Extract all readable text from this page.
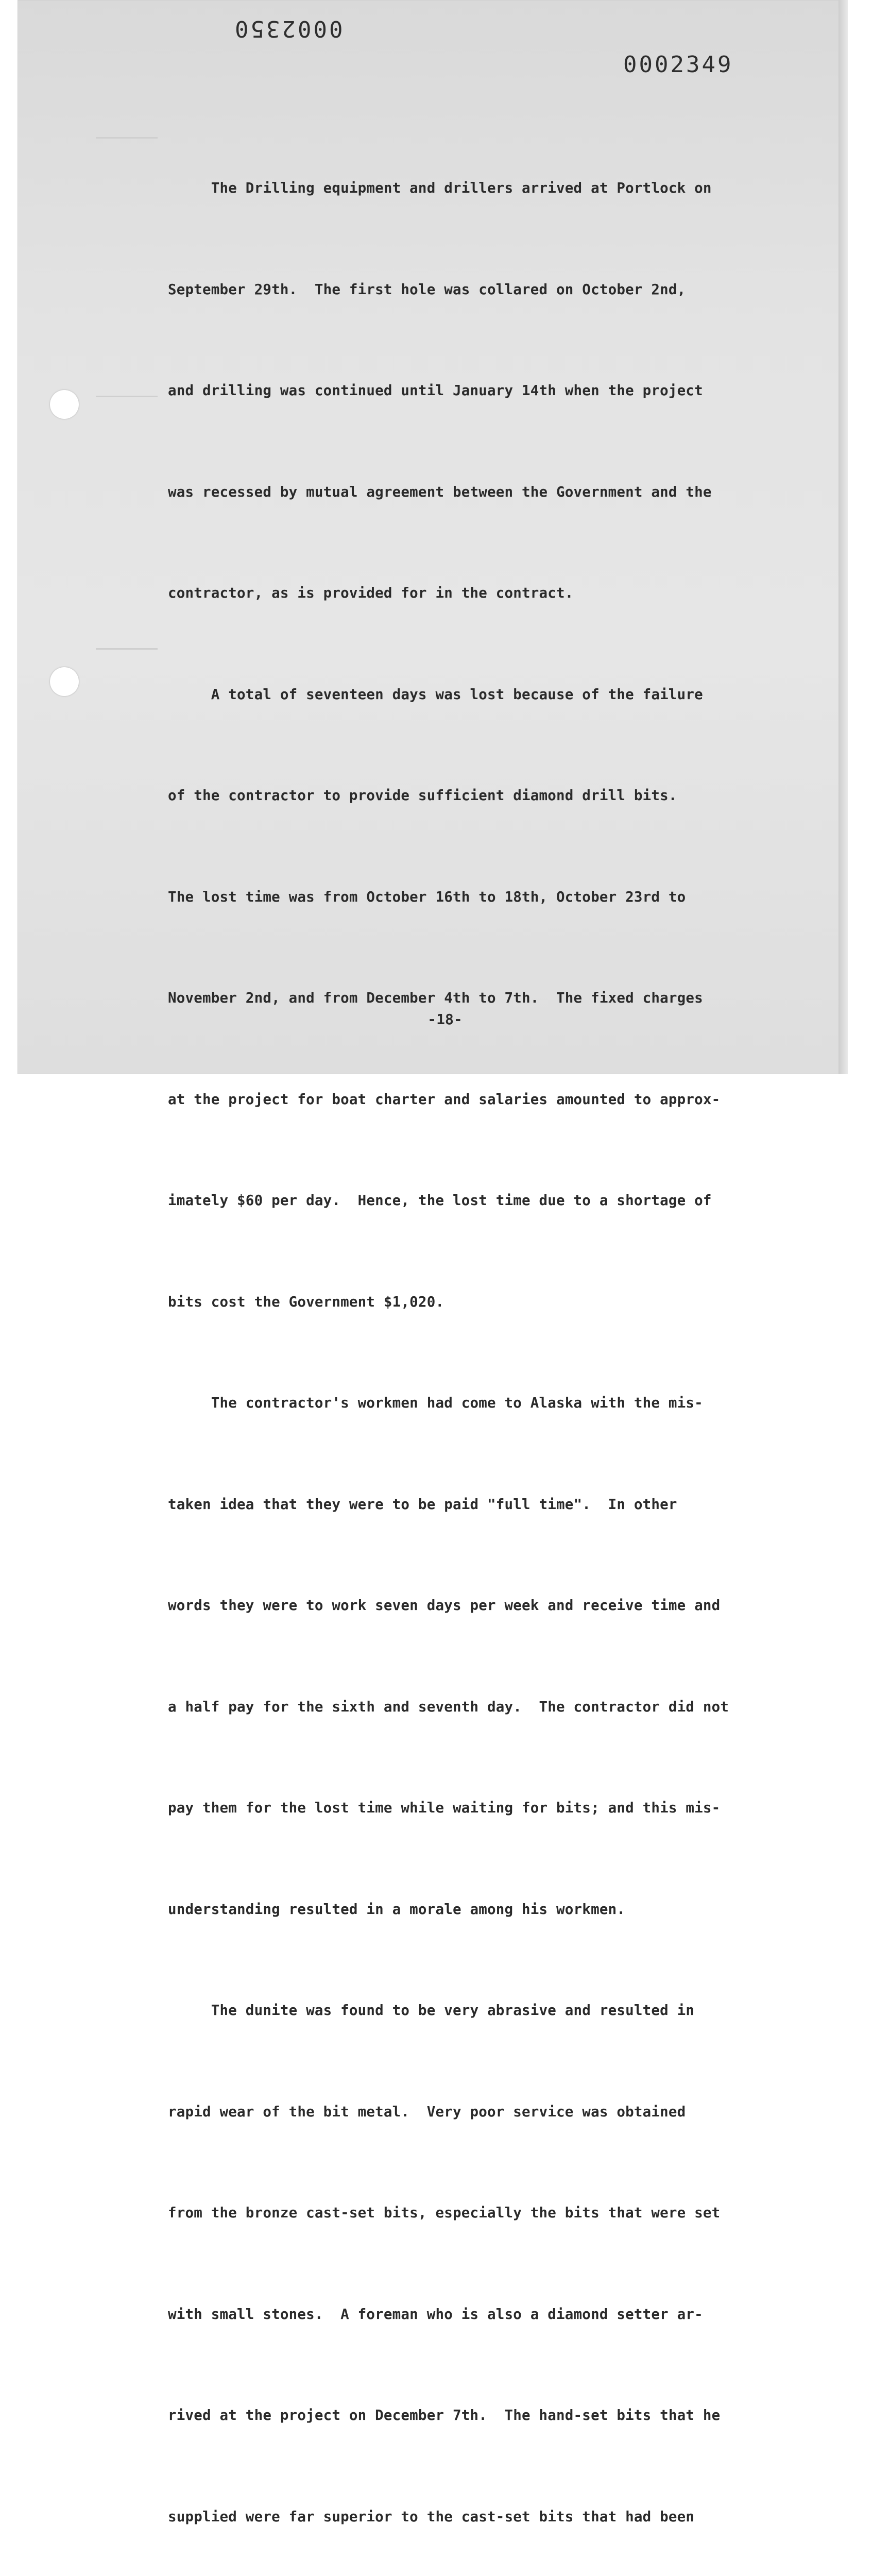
0002350
0002349

The Drilling equipment and drillers arrived at Portlock on

September 29th.  The first hole was collared on October 2nd,

and drilling was continued until January 14th when the project

was recessed by mutual agreement between the Government and the

contractor, as is provided for in the contract.

A total of seventeen days was lost because of the failure

of the contractor to provide sufficient diamond drill bits.

The lost time was from October 16th to 18th, October 23rd to

November 2nd, and from December 4th to 7th.  The fixed charges

at the project for boat charter and salaries amounted to approx-

imately $60 per day.  Hence, the lost time due to a shortage of

bits cost the Government $1,020.

The contractor's workmen had come to Alaska with the mis-

taken idea that they were to be paid "full time".  In other

words they were to work seven days per week and receive time and

a half pay for the sixth and seventh day.  The contractor did not

pay them for the lost time while waiting for bits; and this mis-

understanding resulted in a morale among his workmen.

The dunite was found to be very abrasive and resulted in

rapid wear of the bit metal.  Very poor service was obtained

from the bronze cast-set bits, especially the bits that were set

with small stones.  A foreman who is also a diamond setter ar-

rived at the project on December 7th.  The hand-set bits that he

supplied were far superior to the cast-set bits that had been

-18-
